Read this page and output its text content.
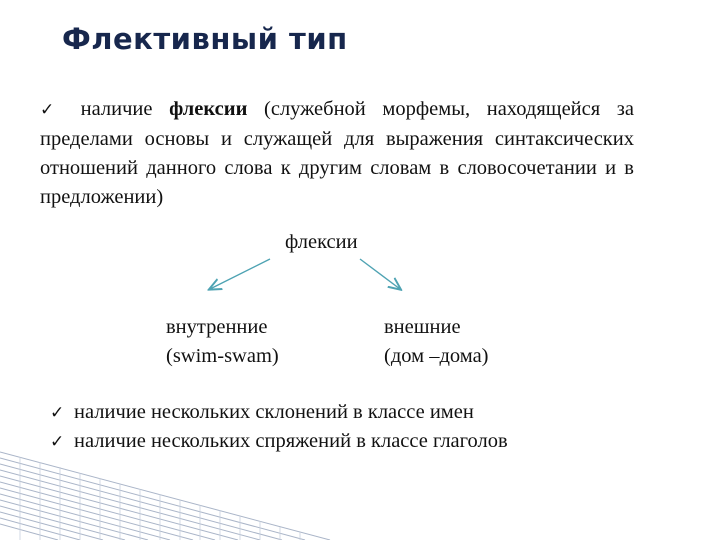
Флективный тип
✓ наличие флексии (служебной морфемы, находящейся за пределами основы и служащей для выражения синтаксических отношений данного слова к другим словам в словосочетании и в предложении)
флексии
внутренние
(swim-swam)
внешние
(дом –дома)
✓ наличие нескольких склонений в классе имен
✓ наличие нескольких спряжений в классе глаголов
